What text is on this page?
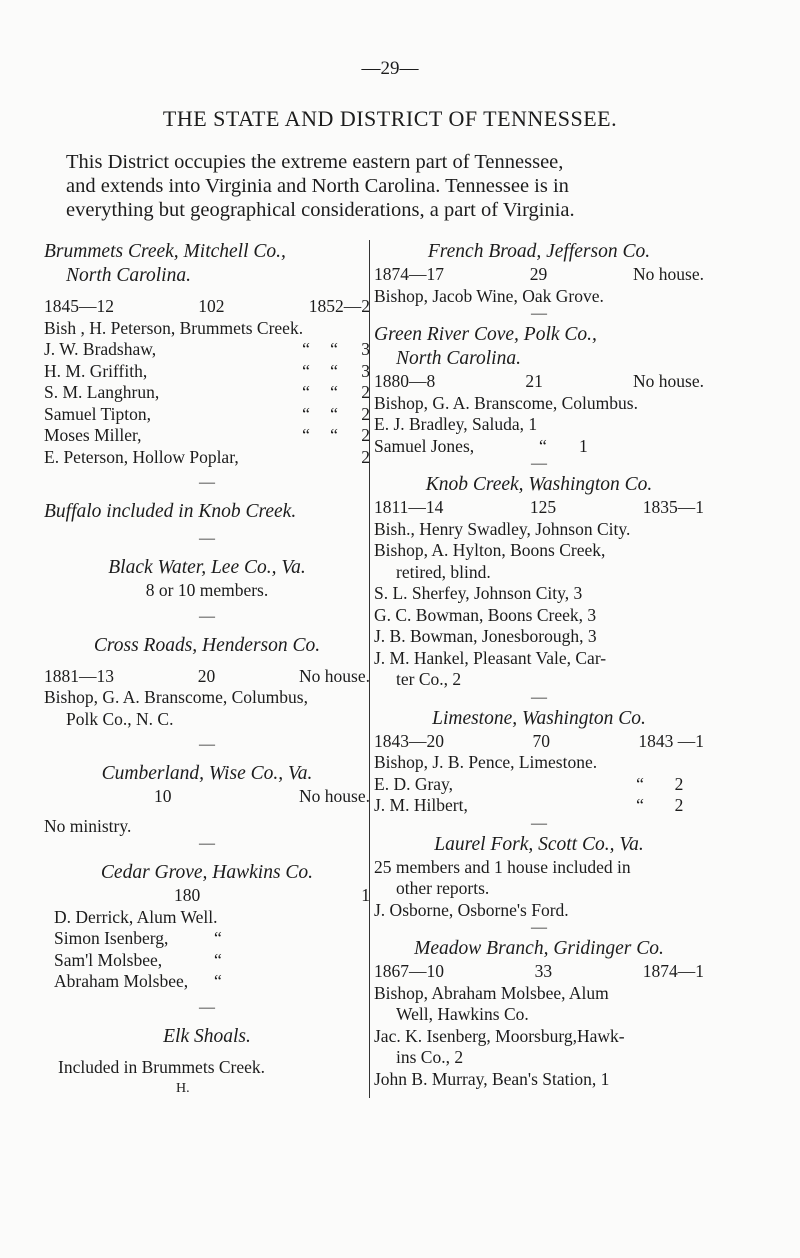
—29—
THE STATE AND DISTRICT OF TENNESSEE.
This District occupies the extreme eastern part of Tennessee,
and extends into Virginia and North Carolina. Tennessee is in
everything but geographical considerations, a part of Virginia.
Brummets Creek, Mitchell Co.,
North Carolina.
1845—12	102	1852—2
Bish , H. Peterson, Brummets Creek.
J. W. Bradshaw,	“	“	3
H. M. Griffith,	“	“	3
S. M. Langhrun,	“	“	2
Samuel Tipton,	“	“	2
Moses Miller,	“	“	2
E. Peterson, Hollow Poplar,	2
—
Buffalo included in Knob Creek.
—
Black Water, Lee Co., Va.
8 or 10 members.
—
Cross Roads, Henderson Co.
1881—13	20	No house.
Bishop, G. A. Branscome, Columbus,
Polk Co., N. C.
—
Cumberland, Wise Co., Va.
10	No house.
No ministry.
—
Cedar Grove, Hawkins Co.
180	1
D. Derrick, Alum Well.
Simon Isenberg,	“
Sam'l Molsbee,	“
Abraham Molsbee,	“
—
Elk Shoals.
Included in Brummets Creek.
H.
French Broad, Jefferson Co.
1874—17	29	No house.
Bishop, Jacob Wine, Oak Grove.
—
Green River Cove, Polk Co.,
North Carolina.
1880—8	21	No house.
Bishop, G. A. Branscome, Columbus.
E. J. Bradley, Saluda, 1
Samuel Jones,	“ 1
—
Knob Creek, Washington Co.
1811—14	125	1835—1
Bish., Henry Swadley, Johnson City.
Bishop, A. Hylton, Boons Creek,
retired, blind.
S. L. Sherfey, Johnson City, 3
G. C. Bowman, Boons Creek, 3
J. B. Bowman, Jonesborough, 3
J. M. Hankel, Pleasant Vale, Car-
ter Co., 2
—
Limestone, Washington Co.
1843—20	70	1843 —1
Bishop, J. B. Pence, Limestone.
E. D. Gray,	“	2
J. M. Hilbert,	“	2
—
Laurel Fork, Scott Co., Va.
25 members and 1 house included in
other reports.
J. Osborne, Osborne's Ford.
—
Meadow Branch, Gridinger Co.
1867—10	33	1874—1
Bishop, Abraham Molsbee, Alum
Well, Hawkins Co.
Jac. K. Isenberg, Moorsburg,Hawk-
ins Co., 2
John B. Murray, Bean's Station, 1
